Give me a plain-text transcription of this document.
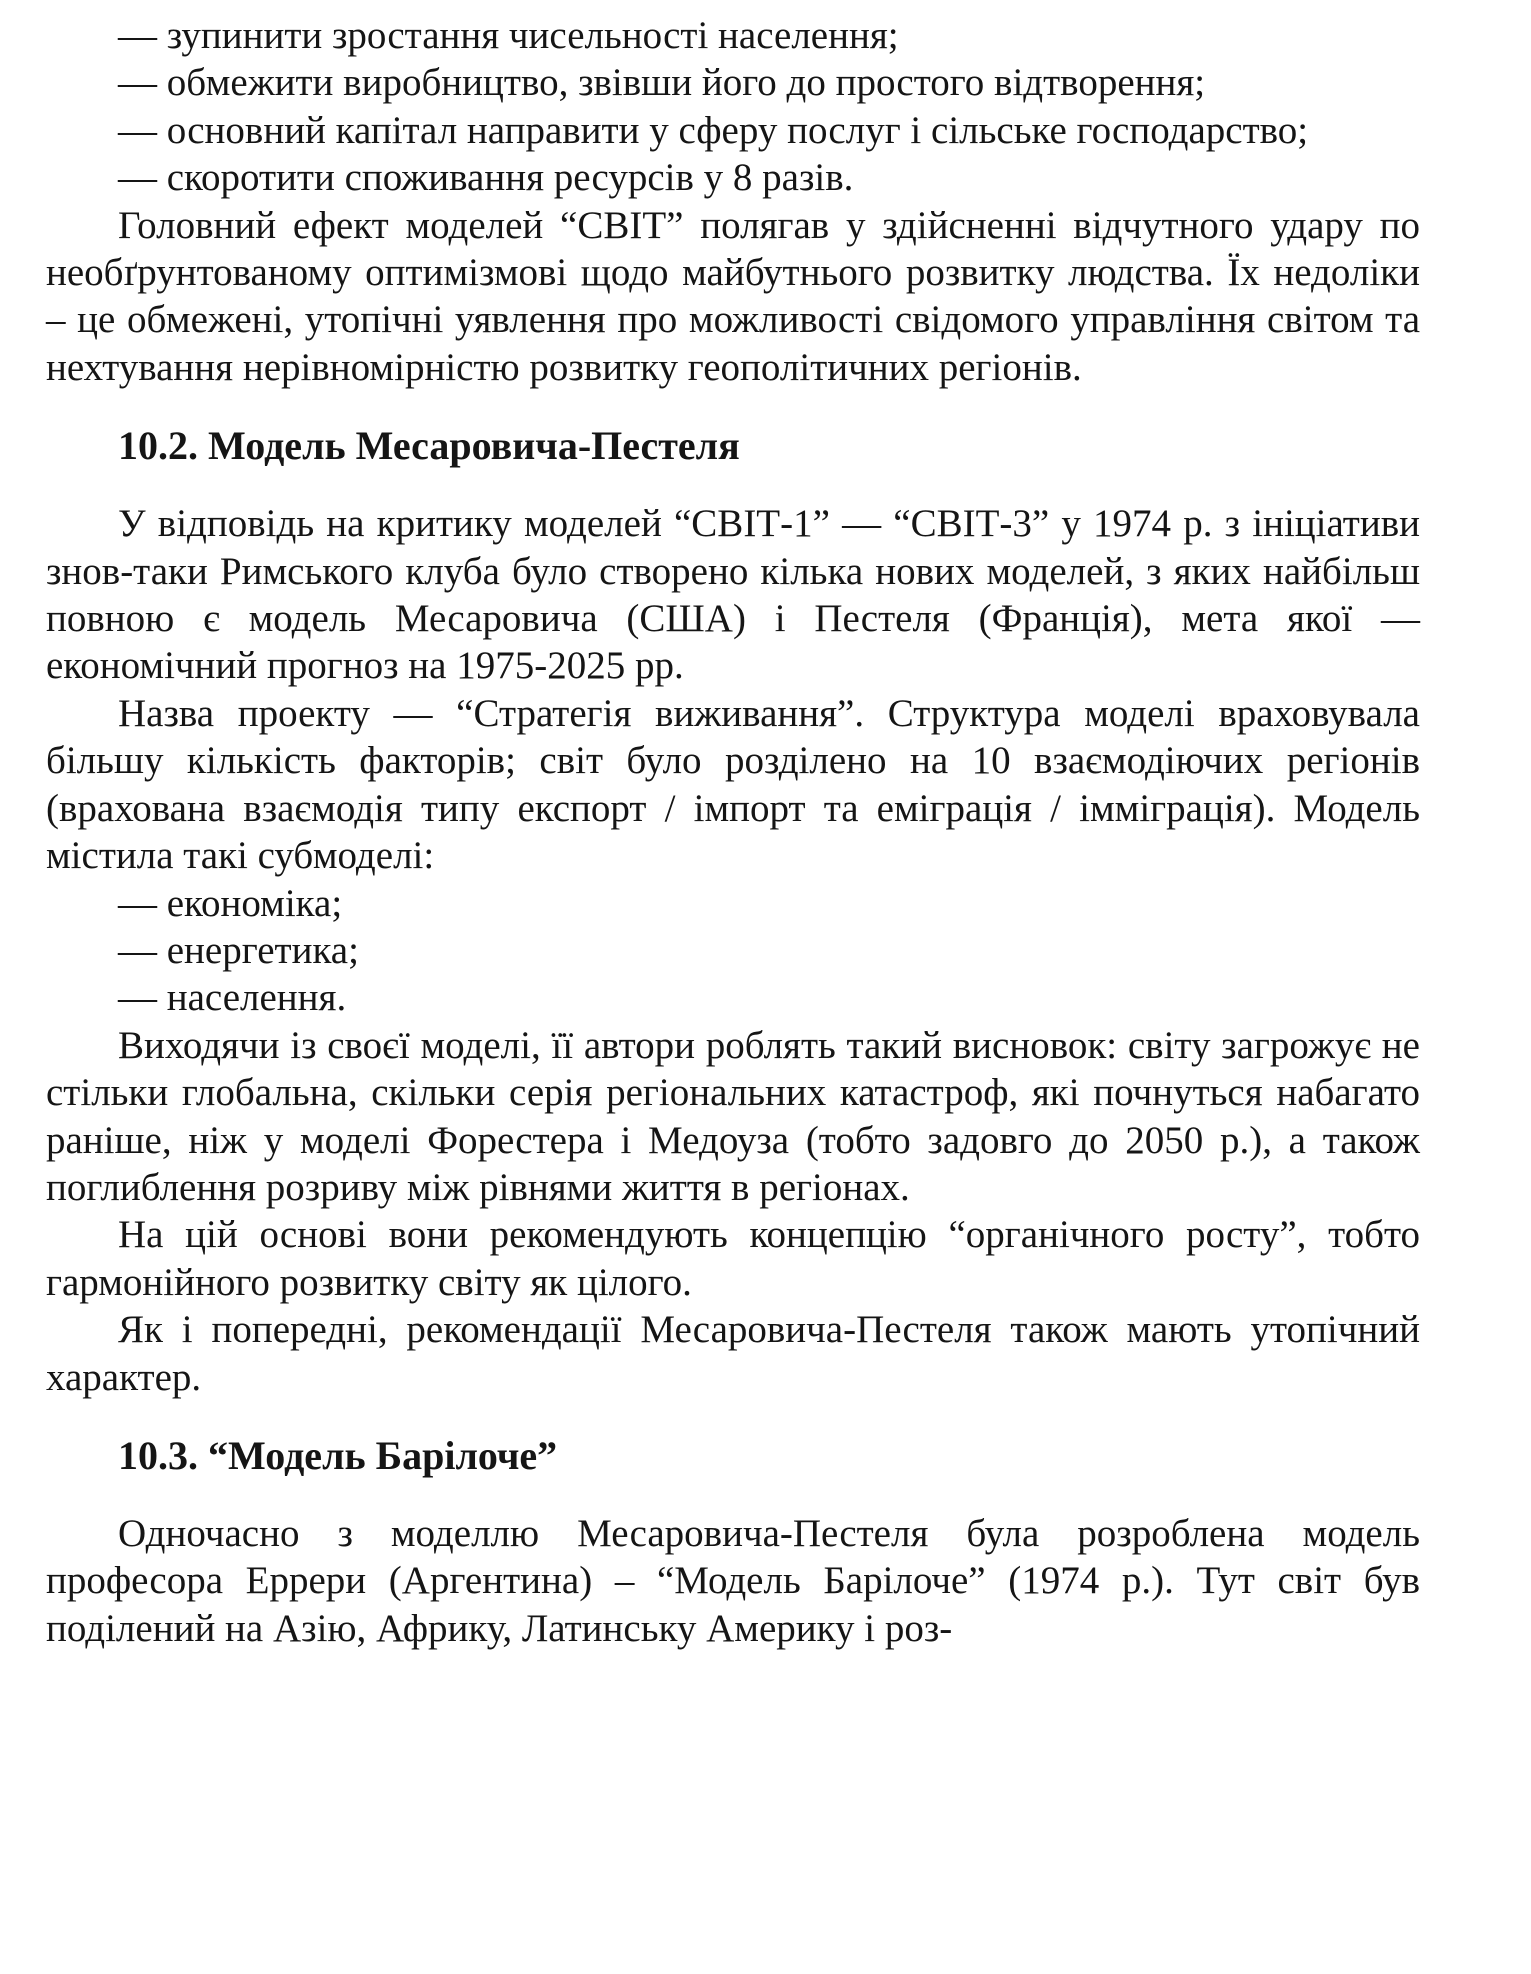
— зупинити зростання чисельності населення;

— обмежити виробництво, звівши його до простого відтворення;

— основний капітал направити у сферу послуг і сільське господарство;

— скоротити споживання ресурсів у 8 разів.

Головний ефект моделей “СВІТ” полягав у здійсненні відчутного удару по необґрунтованому оптимізмові щодо майбутнього розвитку людства. Їх недоліки – це обмежені, утопічні уявлення про можливості свідомого управління світом та нехтування нерівномірністю розвитку геополітичних регіонів.

10.2. Модель Месаровича-Пестеля

У відповідь на критику моделей “СВІТ-1” — “СВІТ-3” у 1974 р. з ініціативи знов-таки Римського клуба було створено кілька нових моделей, з яких найбільш повною є модель Месаровича (США) і Пестеля (Франція), мета якої — економічний прогноз на 1975-2025 рр.

Назва проекту — “Стратегія виживання”. Структура моделі враховувала більшу кількість факторів; світ було розділено на 10 взаємодіючих регіонів (врахована взаємодія типу експорт / імпорт та еміграція / імміграція). Модель містила такі субмоделі:

— економіка;

— енергетика;

— населення.

Виходячи із своєї моделі, її автори роблять такий висновок: світу загрожує не стільки глобальна, скільки серія регіональних катастроф, які почнуться набагато раніше, ніж у моделі Форестера і Медоуза (тобто задовго до 2050 р.), а також поглиблення розриву між рівнями життя в регіонах.

На цій основі вони рекомендують концепцію “органічного росту”, тобто гармонійного розвитку світу як цілого.

Як і попередні, рекомендації Месаровича-Пестеля також мають утопічний характер.

10.3. “Модель Барілоче”

Одночасно з моделлю Месаровича-Пестеля була розроблена модель професора Еррери (Аргентина) – “Модель Барілоче” (1974 р.). Тут світ був поділений на Азію, Африку, Латинську Америку і роз-
